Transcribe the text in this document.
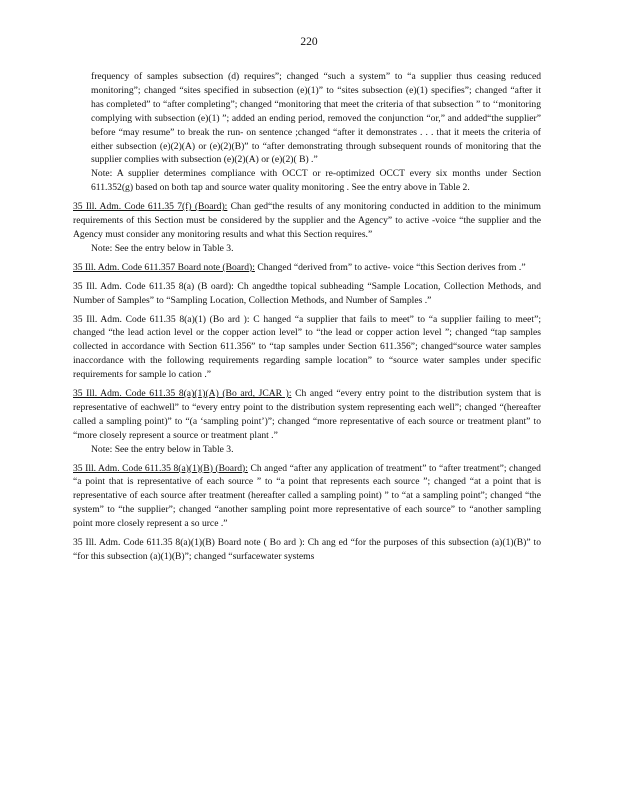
220
frequency of samples subsection (d) requires”; changed “such a system” to “a supplier thus ceasing reduced monitoring”; changed “sites specified in subsection (e)(1)” to “sites subsection (e)(1) specifies”; changed “after it has completed” to “after completing”; changed “monitoring that meet the criteria of that subsection ” to ‘‘monitoring complying with subsection (e)(1) ”; added an ending period, removed the conjunction “or,” and added“the supplier” before “may resume” to break the run- on sentence ;changed “after it demonstrates . . . that it meets the criteria of either subsection (e)(2)(A) or (e)(2)(B)” to “after demonstrating through subsequent rounds of monitoring that the supplier complies with subsection (e)(2)(A) or (e)(2)( B) .”
Note: A supplier determines compliance with OCCT or re-optimized OCCT every six months under Section 611.352(g) based on both tap and source water quality monitoring . See the entry above in Table 2.
35 Ill. Adm. Code 611.35 7(f) (Board): Chan ged“the results of any monitoring conducted in addition to the minimum requirements of this Section must be considered by the supplier and the Agency” to active -voice “the supplier and the Agency must consider any monitoring results and what this Section requires.”
Note: See the entry below in Table 3.
35 Ill. Adm. Code 611.357 Board note (Board): Changed “derived from” to active- voice “this Section derives from .”
35 Ill. Adm. Code 611.35 8(a) (B oard): Ch angedthe topical subheading “Sample Location, Collection Methods, and Number of Samples” to “Sampling Location, Collection Methods, and Number of Samples .”
35 Ill. Adm. Code 611.35 8(a)(1) (Bo ard ): C hanged “a supplier that fails to meet” to “a supplier failing to meet”; changed “the lead action level or the copper action level” to “the lead or copper action level ”; changed “tap samples collected in accordance with Section 611.356” to “tap samples under Section 611.356”; changed“source water samples inaccordance with the following requirements regarding sample location” to “source water samples under specific requirements for sample lo cation .”
35 Ill. Adm. Code 611.35 8(a)(1)(A) (Bo ard, JCAR ): Ch anged “every entry point to the distribution system that is representative of eachwell” to “every entry point to the distribution system representing each well”; changed “(hereafter called a sampling point)” to “(a ‘sampling point’)”; changed “more representative of each source or treatment plant” to “more closely represent a source or treatment plant .”
Note: See the entry below in Table 3.
35 Ill. Adm. Code 611.35 8(a)(1)(B) (Board): Ch anged “after any application of treatment” to “after treatment”; changed “a point that is representative of each source ” to “a point that represents each source ”; changed “at a point that is representative of each source after treatment (hereafter called a sampling point) ” to “at a sampling point”; changed “the system” to “the supplier”; changed “another sampling point more representative of each source” to “another sampling point more closely represent a so urce .”
35 Ill. Adm. Code 611.35 8(a)(1)(B) Board note ( Bo ard ): Ch ang ed “for the purposes of this subsection (a)(1)(B)” to “for this subsection (a)(1)(B)”; changed “surfacewater systems
